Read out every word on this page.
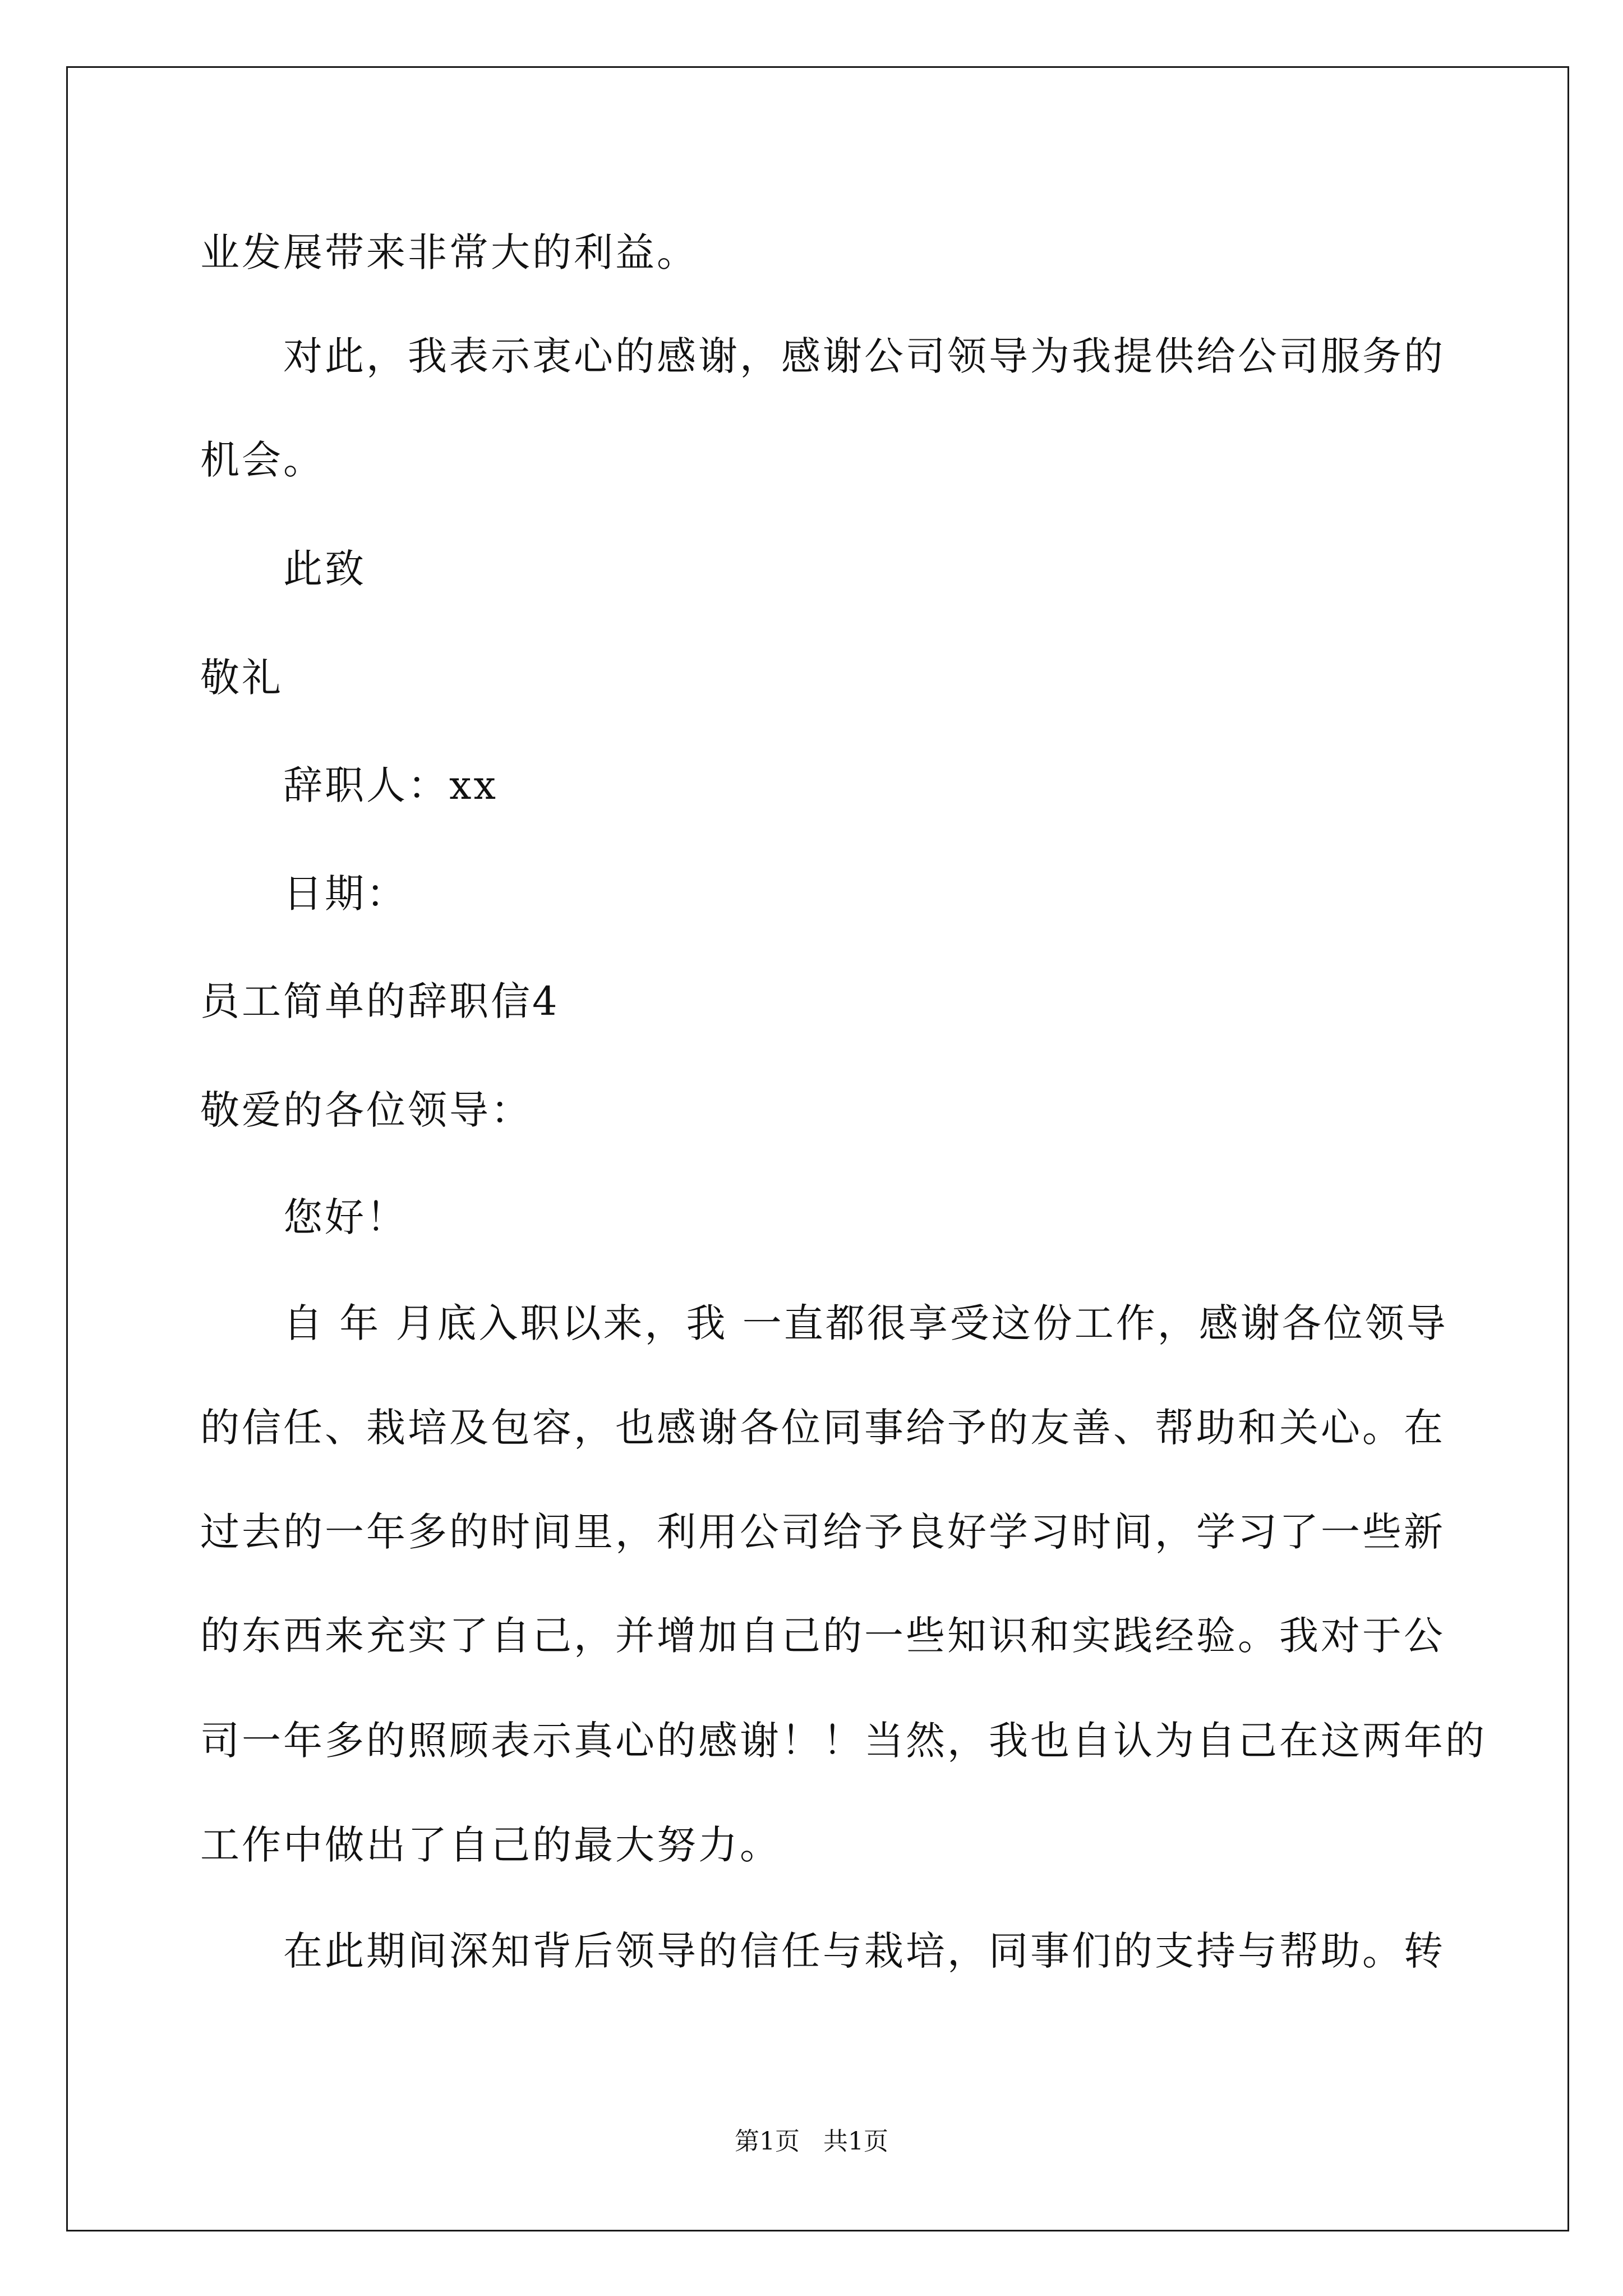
业发展带来非常大的利益。
对此，我表示衷心的感谢，感谢公司领导为我提供给公司服务的
机会。
此致
敬礼
辞职人：xx
日期：
员工简单的辞职信4
敬爱的各位领导：
您好！
自 年 月底入职以来，我 一直都很享受这份工作，感谢各位领导
的信任、栽培及包容，也感谢各位同事给予的友善、帮助和关心。在
过去的一年多的时间里，利用公司给予良好学习时间，学习了一些新
的东西来充实了自己，并增加自己的一些知识和实践经验。我对于公
司一年多的照顾表示真心的感谢！！当然，我也自认为自己在这两年的
工作中做出了自己的最大努力。
在此期间深知背后领导的信任与栽培，同事们的支持与帮助。转
第1页   共1页
